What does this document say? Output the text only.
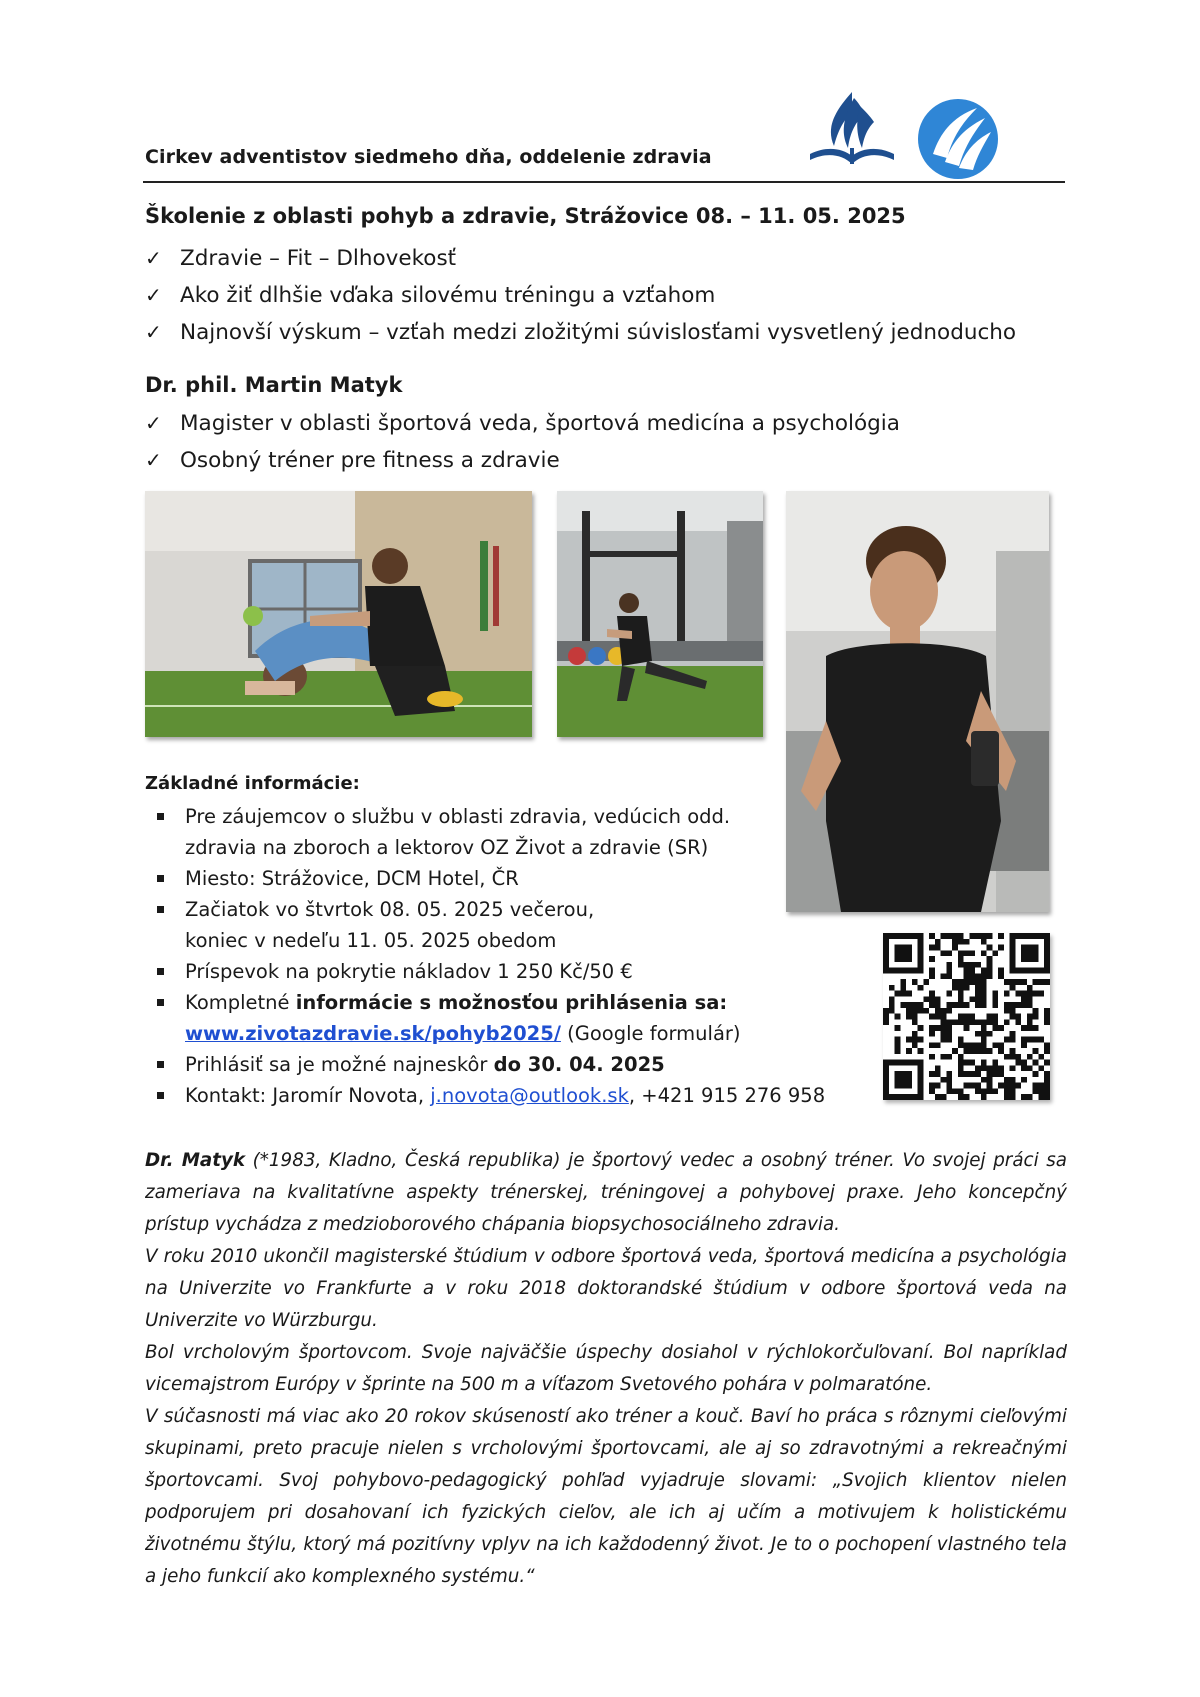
Cirkev adventistov siedmeho dňa, oddelenie zdravia
Školenie z oblasti pohyb a zdravie, Strážovice 08. – 11. 05. 2025
✓ Zdravie – Fit – Dlhovekosť
✓ Ako žiť dlhšie vďaka silovému tréningu a vzťahom
✓ Najnovší výskum – vzťah medzi zložitými súvislosťami vysvetlený jednoducho
Dr. phil. Martin Matyk
✓ Magister v oblasti športová veda, športová medicína a psychológia
✓ Osobný tréner pre fitness a zdravie
Základné informácie:
Pre záujemcov o službu v oblasti zdravia, vedúcich odd.
zdravia na zboroch a lektorov OZ Život a zdravie (SR)
Miesto: Strážovice, DCM Hotel, ČR
Začiatok vo štvrtok 08. 05. 2025 večerou,
koniec v nedeľu 11. 05. 2025 obedom
Príspevok na pokrytie nákladov 1 250 Kč/50 €
Kompletné informácie s možnosťou prihlásenia sa:
www.zivotazdravie.sk/pohyb2025/ (Google formulár)
Prihlásiť sa je možné najneskôr do 30. 04. 2025
Kontakt: Jaromír Novota, j.novota@outlook.sk, +421 915 276 958

Dr. Matyk (*1983, Kladno, Česká republika) je športový vedec a osobný tréner. Vo svojej práci sa zameriava na kvalitatívne aspekty trénerskej, tréningovej a pohybovej praxe. Jeho koncepčný prístup vychádza z medzioborového chápania biopsychosociálneho zdravia.

V roku 2010 ukončil magisterské štúdium v odbore športová veda, športová medicína a psychológia na Univerzite vo Frankfurte a v roku 2018 doktorandské štúdium v odbore športová veda na Univerzite vo Würzburgu.

Bol vrcholovým športovcom. Svoje najväčšie úspechy dosiahol v rýchlokorčuľovaní. Bol napríklad vicemajstrom Európy v šprinte na 500 m a víťazom Svetového pohára v polmaratóne.

V súčasnosti má viac ako 20 rokov skúseností ako tréner a kouč. Baví ho práca s rôznymi cieľovými skupinami, preto pracuje nielen s vrcholovými športovcami, ale aj so zdravotnými a rekreačnými športovcami. Svoj pohybovo-pedagogický pohľad vyjadruje slovami: „Svojich klientov nielen podporujem pri dosahovaní ich fyzických cieľov, ale ich aj učím a motivujem k holistickému životnému štýlu, ktorý má pozitívny vplyv na ich každodenný život. Je to o pochopení vlastného tela a jeho funkcií ako komplexného systému.“
